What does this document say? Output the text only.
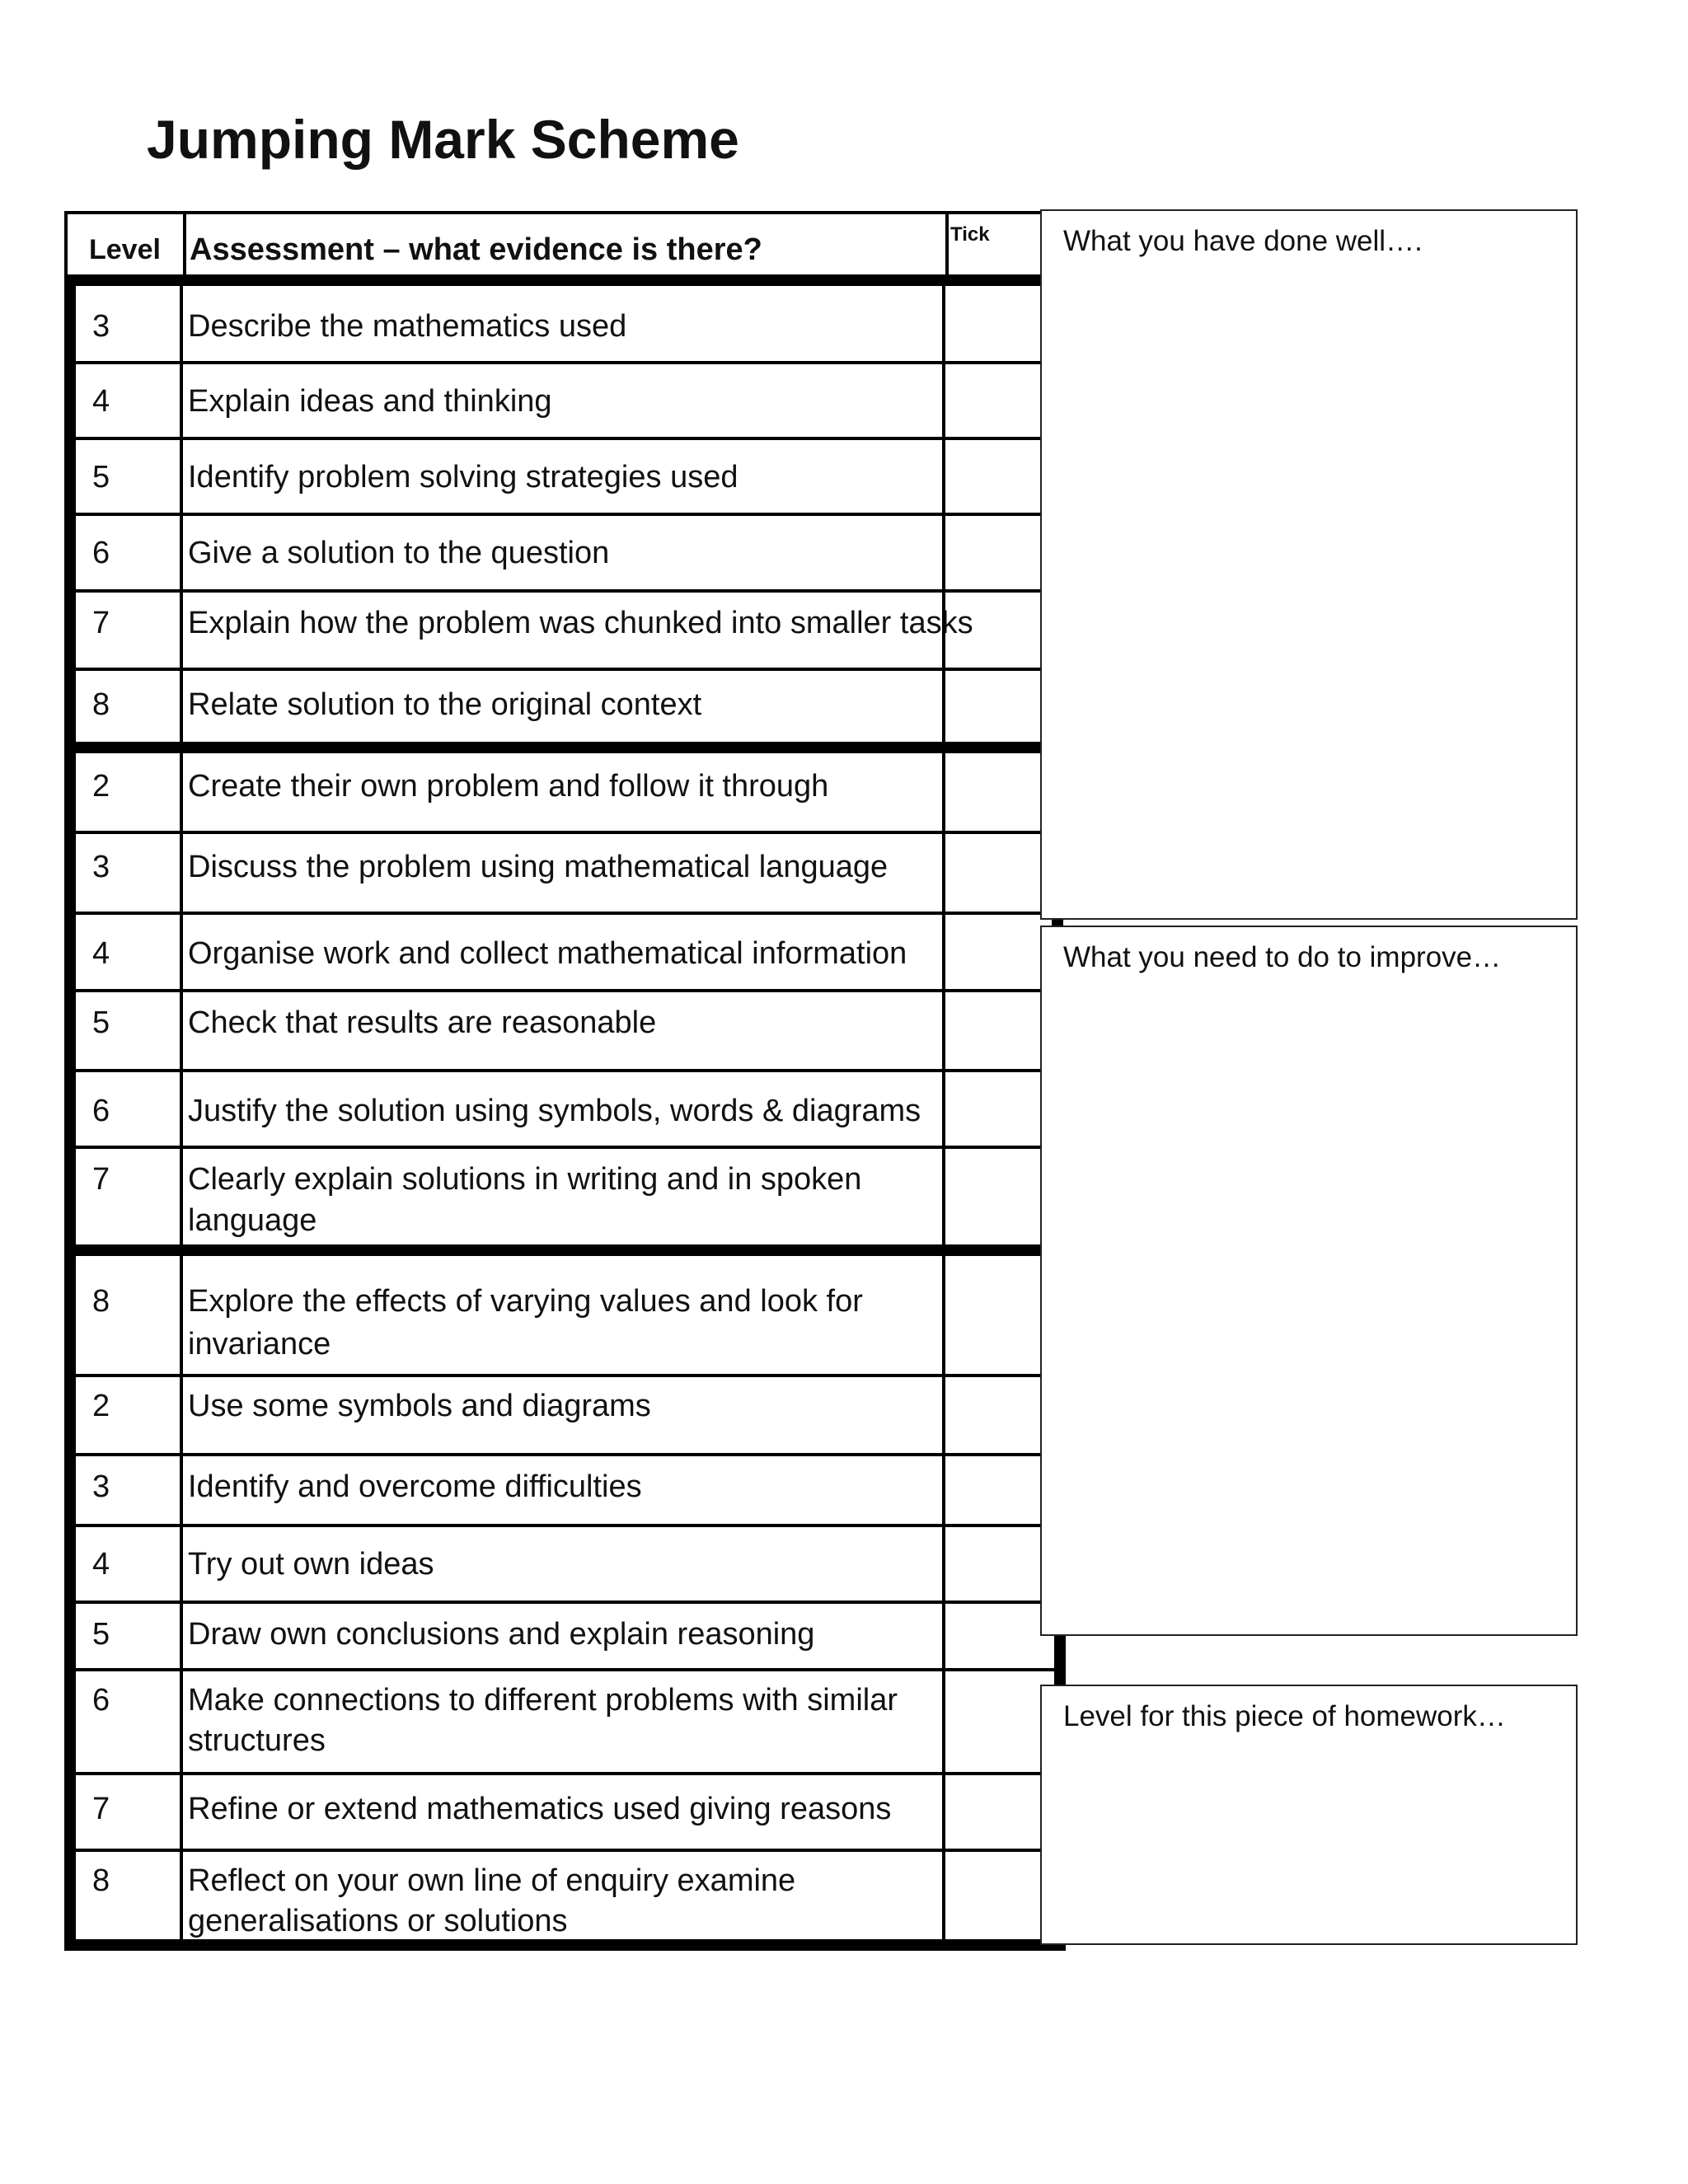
Jumping Mark Scheme
Level Assessment – what evidence is there?	Tick
3 Describe the mathematics used
4 Explain ideas and thinking
5 Identify problem solving strategies used
6 Give a solution to the question
7 Explain how the problem was chunked into smaller tasks
8 Relate solution to the original context
2 Create their own problem and follow it through
3 Discuss the problem using mathematical language
4 Organise work and collect mathematical information
5 Check that results are reasonable
6 Justify the solution using symbols, words & diagrams
7 Clearly explain solutions in writing and in spoken
language
8 Explore the effects of varying values and look for
invariance
2 Use some symbols and diagrams
3 Identify and overcome difficulties
4 Try out own ideas
5 Draw own conclusions and explain reasoning
6 Make connections to different problems with similar
structures
7 Refine or extend mathematics used giving reasons
8 Reflect on your own line of enquiry examine
generalisations or solutions
What you have done well….
What you need to do to improve…
Level for this piece of homework…
